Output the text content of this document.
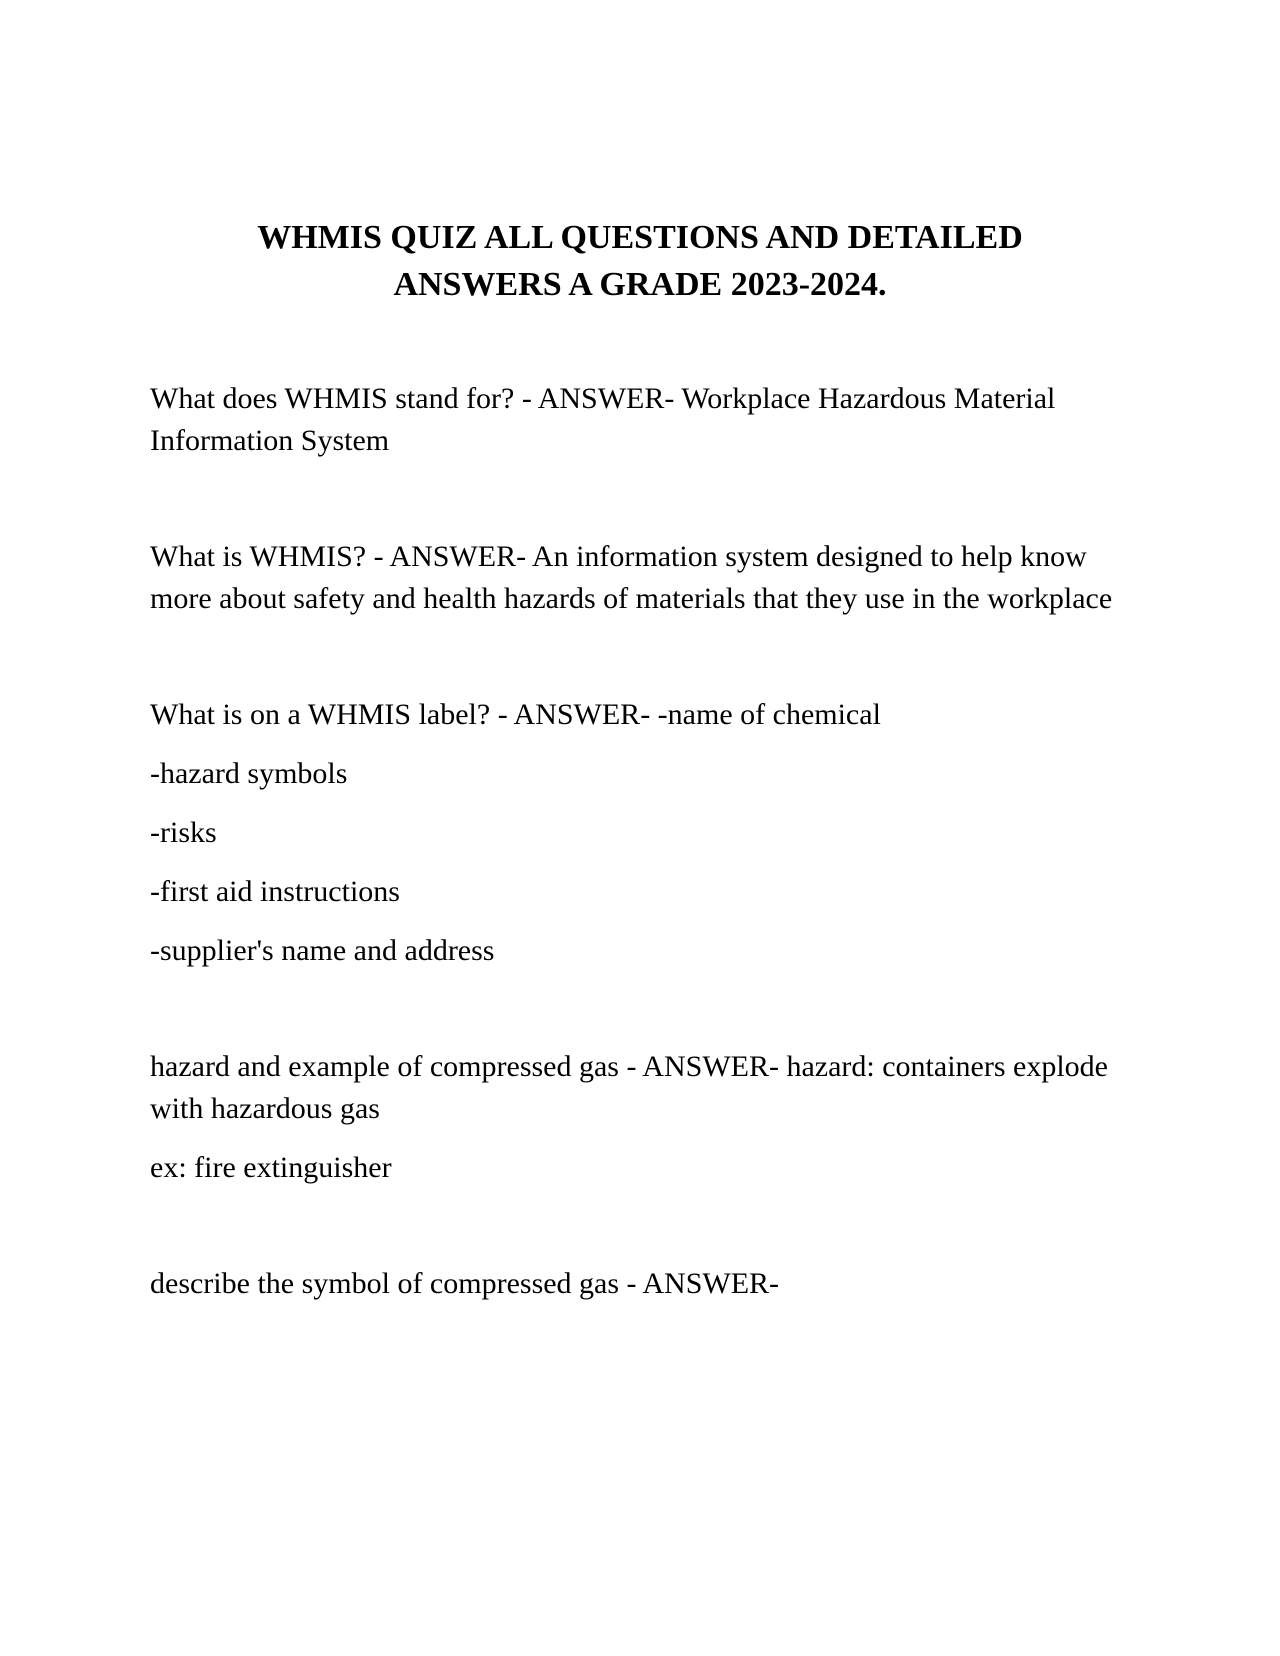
WHMIS QUIZ ALL QUESTIONS AND DETAILED
ANSWERS A GRADE 2023-2024.

What does WHMIS stand for? - ANSWER- Workplace Hazardous Material Information System

What is WHMIS? - ANSWER- An information system designed to help know more about safety and health hazards of materials that they use in the workplace

What is on a WHMIS label? - ANSWER- -name of chemical

-hazard symbols

-risks

-first aid instructions

-supplier's name and address

hazard and example of compressed gas - ANSWER- hazard: containers explode with hazardous gas

ex: fire extinguisher

describe the symbol of compressed gas - ANSWER-
